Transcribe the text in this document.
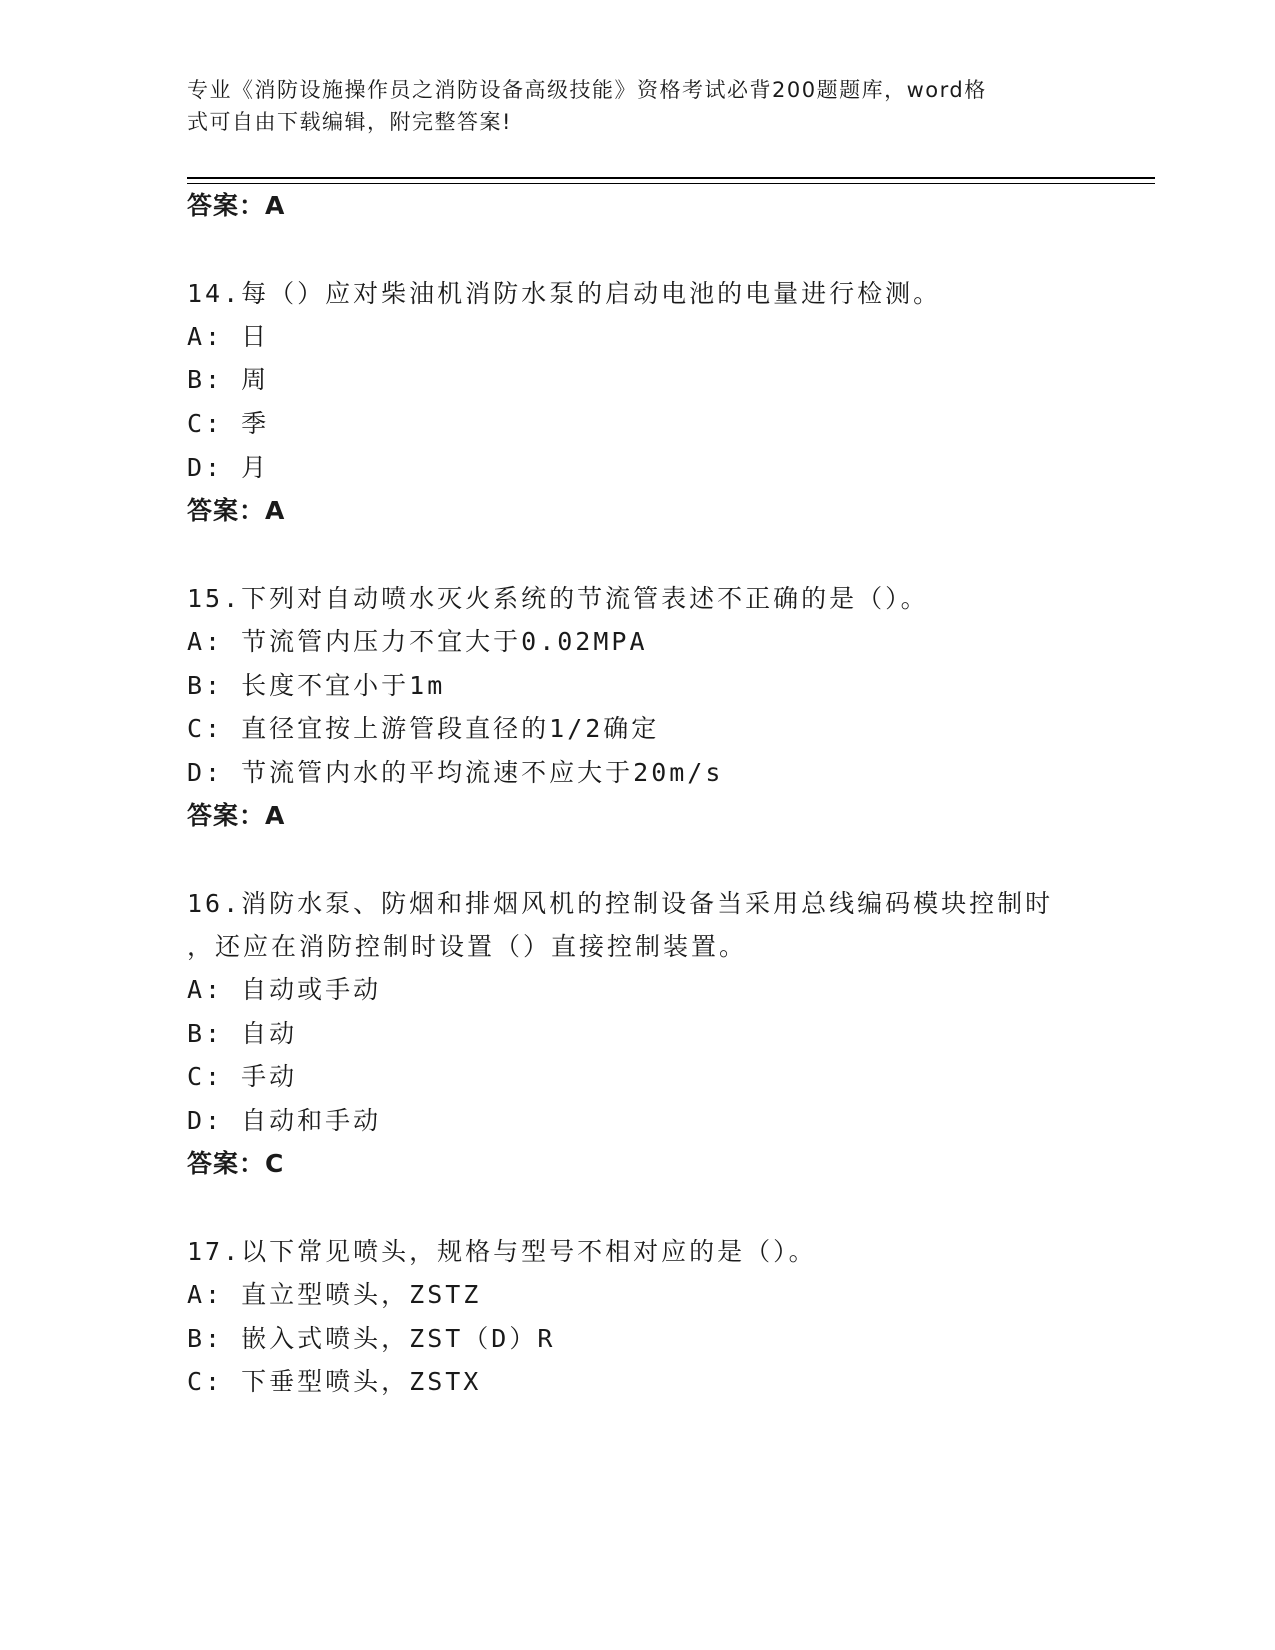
专业《消防设施操作员之消防设备高级技能》资格考试必背200题题库，word格
式可自由下载编辑，附完整答案!
答案：A
14.每（）应对柴油机消防水泵的启动电池的电量进行检测。
A: 日
B: 周
C: 季
D: 月
答案：A
15.下列对自动喷水灭火系统的节流管表述不正确的是（）。
A: 节流管内压力不宜大于0.02MPA
B: 长度不宜小于1m
C: 直径宜按上游管段直径的1/2确定
D: 节流管内水的平均流速不应大于20m/s
答案：A
16.消防水泵、防烟和排烟风机的控制设备当采用总线编码模块控制时
，还应在消防控制时设置（）直接控制装置。
A: 自动或手动
B: 自动
C: 手动
D: 自动和手动
答案：C
17.以下常见喷头，规格与型号不相对应的是（）。
A: 直立型喷头，ZSTZ
B: 嵌入式喷头，ZST（D）R
C: 下垂型喷头，ZSTX
